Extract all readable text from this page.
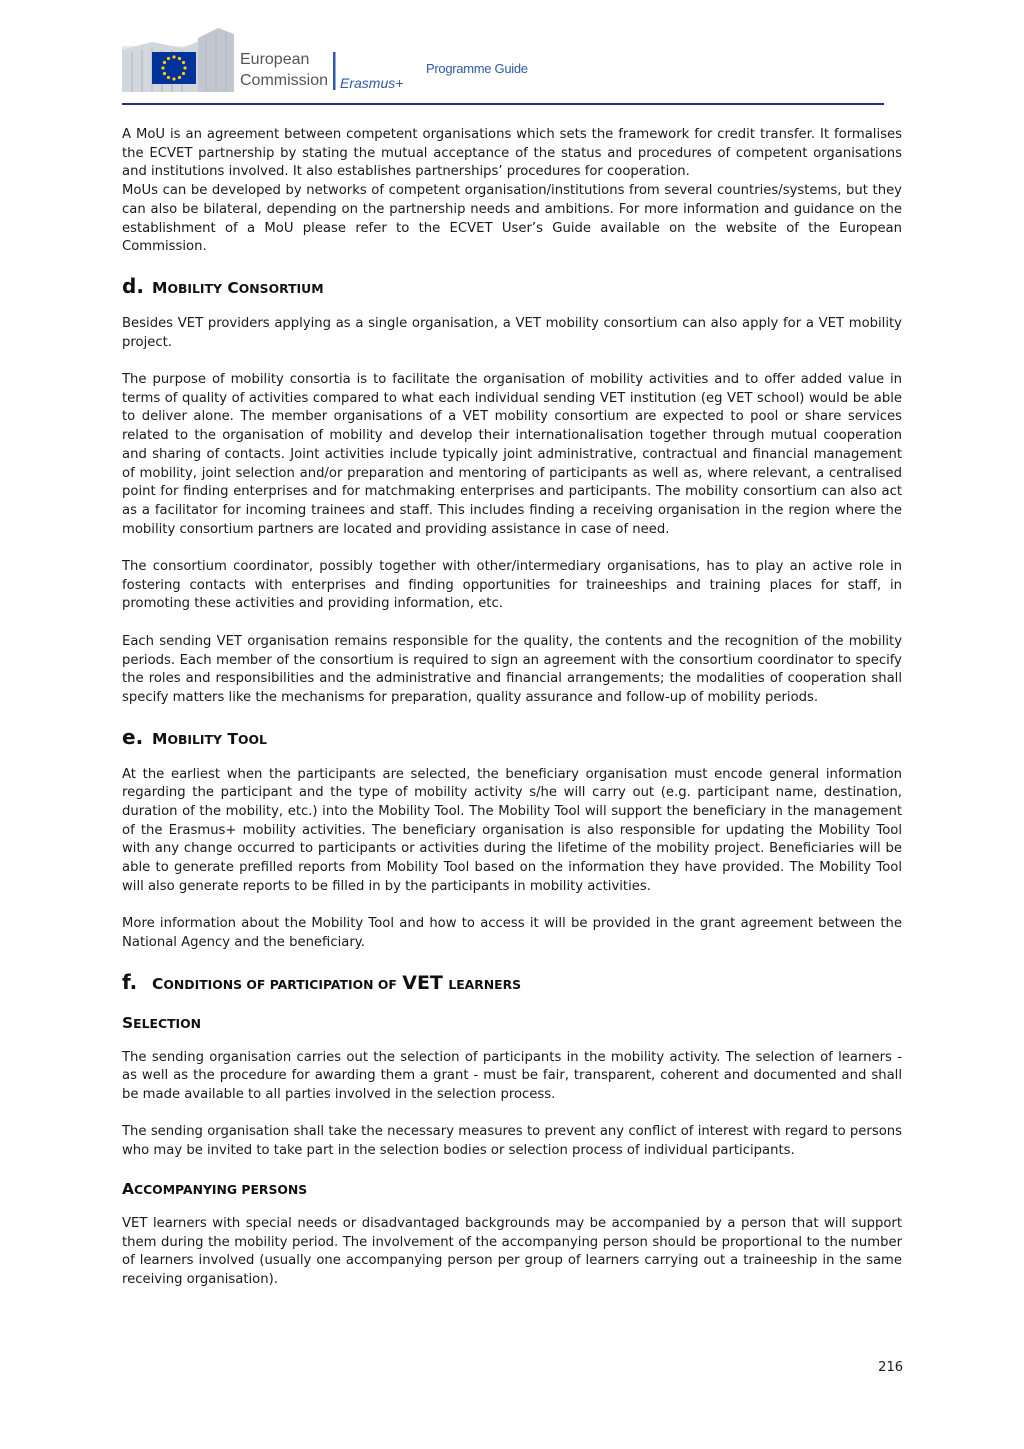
European
Commission Erasmus+
Programme Guide

A MoU is an agreement between competent organisations which sets the framework for credit transfer. It formalises the ECVET partnership by stating the mutual acceptance of the status and procedures of competent organisations and institutions involved. It also establishes partnerships’ procedures for cooperation.

MoUs can be developed by networks of competent organisation/institutions from several countries/systems, but they can also be bilateral, depending on the partnership needs and ambitions. For more information and guidance on the establishment of a MoU please refer to the ECVET User’s Guide available on the website of the European Commission.

d. MOBILITY CONSORTIUM

Besides VET providers applying as a single organisation, a VET mobility consortium can also apply for a VET mobility project.

The purpose of mobility consortia is to facilitate the organisation of mobility activities and to offer added value in terms of quality of activities compared to what each individual sending VET institution (eg VET school) would be able to deliver alone. The member organisations of a VET mobility consortium are expected to pool or share services related to the organisation of mobility and develop their internationalisation together through mutual cooperation and sharing of contacts. Joint activities include typically joint administrative, contractual and financial management of mobility, joint selection and/or preparation and mentoring of participants as well as, where relevant, a centralised point for finding enterprises and for matchmaking enterprises and participants. The mobility consortium can also act as a facilitator for incoming trainees and staff. This includes finding a receiving organisation in the region where the mobility consortium partners are located and providing assistance in case of need.

The consortium coordinator, possibly together with other/intermediary organisations, has to play an active role in fostering contacts with enterprises and finding opportunities for traineeships and training places for staff, in promoting these activities and providing information, etc.

Each sending VET organisation remains responsible for the quality, the contents and the recognition of the mobility periods. Each member of the consortium is required to sign an agreement with the consortium coordinator to specify the roles and responsibilities and the administrative and financial arrangements; the modalities of cooperation shall specify matters like the mechanisms for preparation, quality assurance and follow-up of mobility periods.

e. MOBILITY TOOL

At the earliest when the participants are selected, the beneficiary organisation must encode general information regarding the participant and the type of mobility activity s/he will carry out (e.g. participant name, destination, duration of the mobility, etc.) into the Mobility Tool. The Mobility Tool will support the beneficiary in the management of the Erasmus+ mobility activities. The beneficiary organisation is also responsible for updating the Mobility Tool with any change occurred to participants or activities during the lifetime of the mobility project. Beneficiaries will be able to generate prefilled reports from Mobility Tool based on the information they have provided. The Mobility Tool will also generate reports to be filled in by the participants in mobility activities.

More information about the Mobility Tool and how to access it will be provided in the grant agreement between the National Agency and the beneficiary.

f. CONDITIONS OF PARTICIPATION OF VET LEARNERS
SELECTION

The sending organisation carries out the selection of participants in the mobility activity. The selection of learners - as well as the procedure for awarding them a grant - must be fair, transparent, coherent and documented and shall be made available to all parties involved in the selection process.

The sending organisation shall take the necessary measures to prevent any conflict of interest with regard to persons who may be invited to take part in the selection bodies or selection process of individual participants.

ACCOMPANYING PERSONS

VET learners with special needs or disadvantaged backgrounds may be accompanied by a person that will support them during the mobility period. The involvement of the accompanying person should be proportional to the number of learners involved (usually one accompanying person per group of learners carrying out a traineeship in the same receiving organisation).

216
